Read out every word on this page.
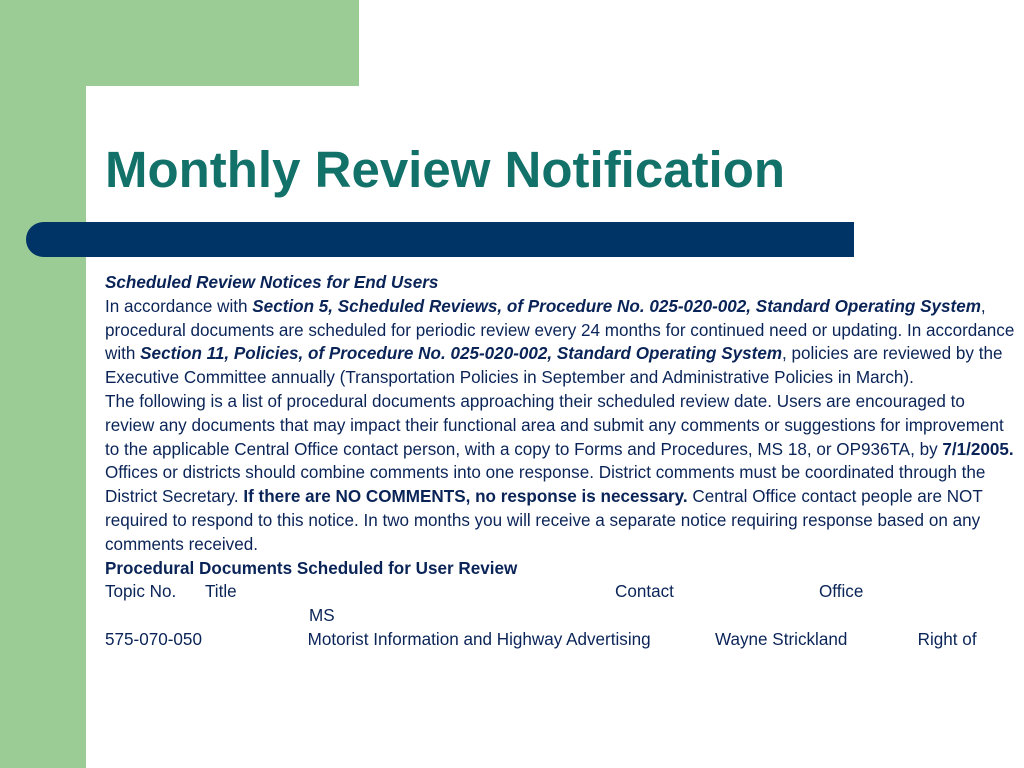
Monthly Review Notification

Scheduled Review Notices for End Users

In accordance with Section 5, Scheduled Reviews, of Procedure No. 025-020-002, Standard Operating System, procedural documents are scheduled for periodic review every 24 months for continued need or updating. In accordance with Section 11, Policies, of Procedure No. 025-020-002, Standard Operating System, policies are reviewed by the Executive Committee annually (Transportation Policies in September and Administrative Policies in March).

The following is a list of procedural documents approaching their scheduled review date. Users are encouraged to review any documents that may impact their functional area and submit any comments or suggestions for improvement to the applicable Central Office contact person, with a copy to Forms and Procedures, MS 18, or OP936TA, by 7/1/2005.

Offices or districts should combine comments into one response. District comments must be coordinated through the District Secretary. If there are NO COMMENTS, no response is necessary. Central Office contact people are NOT required to respond to this notice. In two months you will receive a separate notice requiring response based on any comments received.

Procedural Documents Scheduled for User Review

Topic No.	Title	Contact	Office
MS
575-070-050	Motorist Information and Highway Advertising	Wayne Strickland	Right of
